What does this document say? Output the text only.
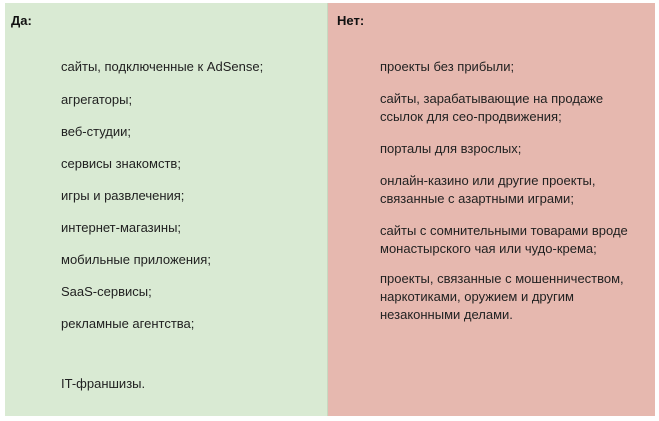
Да:
сайты, подключенные к AdSense;
агрегаторы;
веб-студии;
сервисы знакомств;
игры и развлечения;
интернет-магазины;
мобильные приложения;
SaaS-сервисы;
рекламные агентства;
IT-франшизы.
Нет:
проекты без прибыли;
сайты, зарабатывающие на продаже ссылок для сео-продвижения;
порталы для взрослых;
онлайн-казино или другие проекты, связанные с азартными играми;
сайты с сомнительными товарами вроде монастырского чая или чудо-крема;
проекты, связанные с мошенничеством, наркотиками, оружием и другим незаконными делами.
